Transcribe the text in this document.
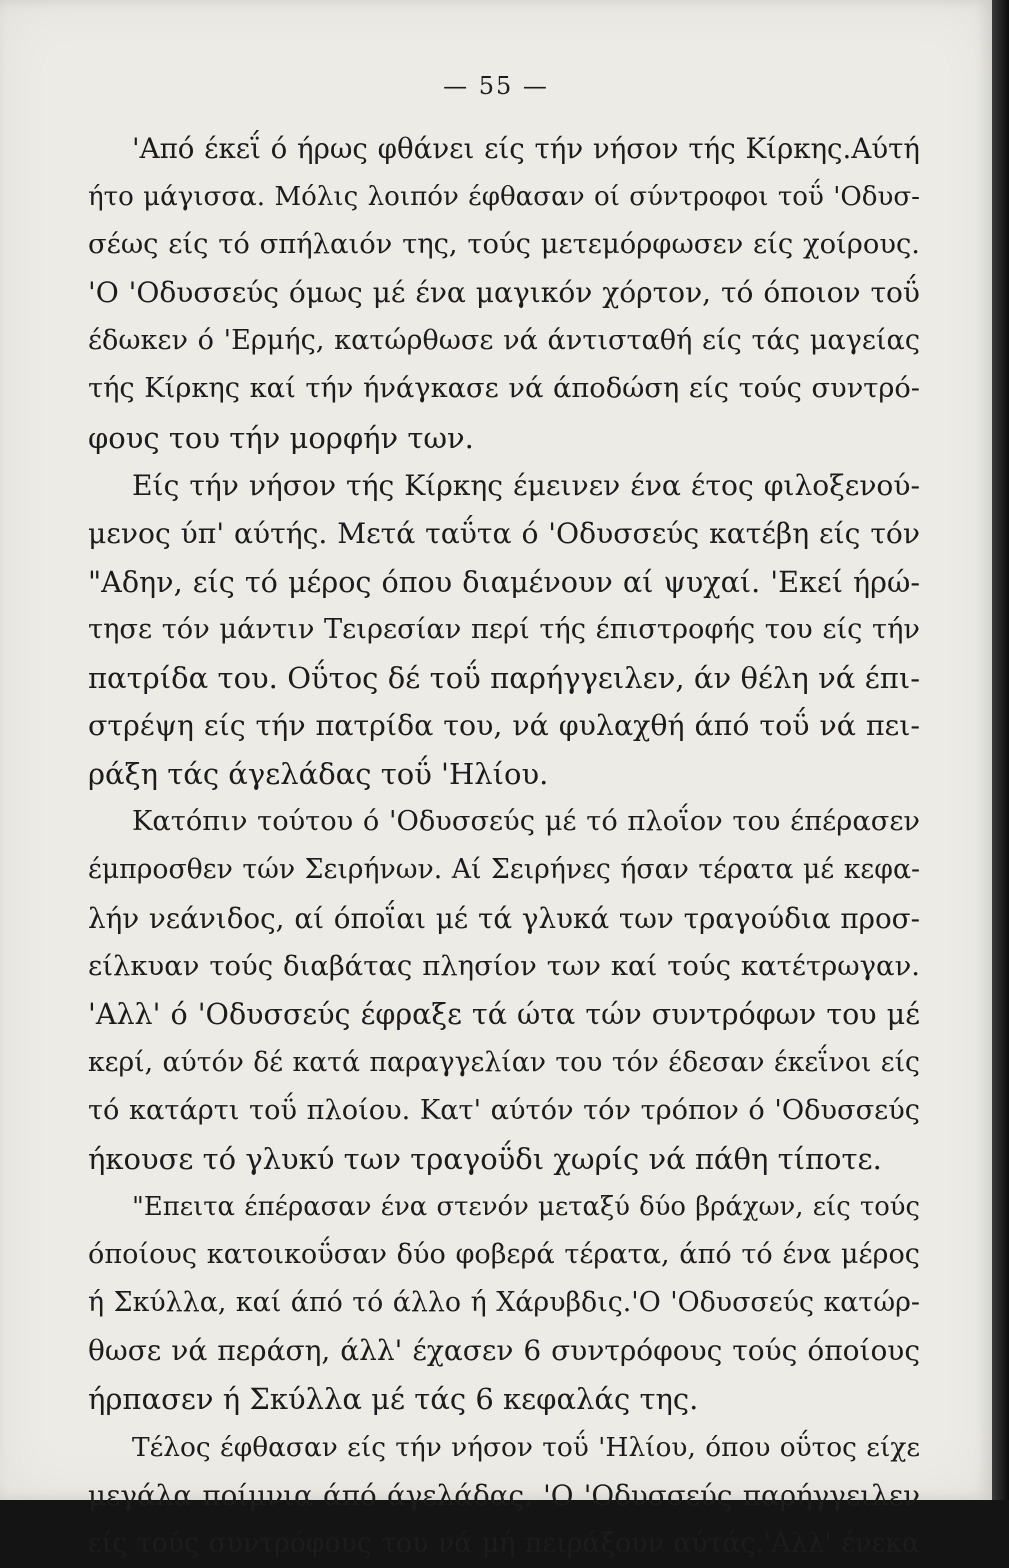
— 55 —
'Από έκεΐ ό ήρως φθάνει είς τήν νήσον τής Κίρκης.Αύτή
ήτο μάγισσα. Μόλις λοιπόν έφθασαν οί σύντροφοι τοΰ 'Οδυσ-
σέως είς τό σπήλαιόν της, τούς μετεμόρφωσεν είς χοίρους.
'Ο 'Οδυσσεύς όμως μέ ένα μαγικόν χόρτον, τό όποιον τοΰ
έδωκεν ό 'Ερμής, κατώρθωσε νά άντισταθή είς τάς μαγείας
τής Κίρκης καί τήν ήνάγκασε νά άποδώση είς τούς συντρό-
φους του τήν μορφήν των.
Είς τήν νήσον τής Κίρκης έμεινεν ένα έτος φιλοξενού-
μενος ύπ' αύτής. Μετά ταΰτα ό 'Οδυσσεύς κατέβη είς τόν
"Αδην, είς τό μέρος όπου διαμένουν αί ψυχαί. 'Εκεί ήρώ-
τησε τόν μάντιν Τειρεσίαν περί τής έπιστροφής του είς τήν
πατρίδα του. Οΰτος δέ τοΰ παρήγγειλεν, άν θέλη νά έπι-
στρέψη είς τήν πατρίδα του, νά φυλαχθή άπό τοΰ νά πει-
ράξη τάς άγελάδας τοΰ 'Ηλίου.
Κατόπιν τούτου ό 'Οδυσσεύς μέ τό πλοΐον του έπέρασεν
έμπροσθεν τών Σειρήνων. Αί Σειρήνες ήσαν τέρατα μέ κεφα-
λήν νεάνιδος, αί όποΐαι μέ τά γλυκά των τραγούδια προσ-
είλκυαν τούς διαβάτας πλησίον των καί τούς κατέτρωγαν.
'Αλλ' ό 'Οδυσσεύς έφραξε τά ώτα τών συντρόφων του μέ
κερί, αύτόν δέ κατά παραγγελίαν του τόν έδεσαν έκεΐνοι είς
τό κατάρτι τοΰ πλοίου. Κατ' αύτόν τόν τρόπον ό 'Οδυσσεύς
ήκουσε τό γλυκύ των τραγοΰδι χωρίς νά πάθη τίποτε.
"Επειτα έπέρασαν ένα στενόν μεταξύ δύο βράχων, είς τούς
όποίους κατοικοΰσαν δύο φοβερά τέρατα, άπό τό ένα μέρος
ή Σκύλλα, καί άπό τό άλλο ή Χάρυβδις.'Ο 'Οδυσσεύς κατώρ-
θωσε νά περάση, άλλ' έχασεν 6 συντρόφους τούς όποίους
ήρπασεν ή Σκύλλα μέ τάς 6 κεφαλάς της.
Τέλος έφθασαν είς τήν νήσον τοΰ 'Ηλίου, όπου οΰτος είχε
μεγάλα ποίμνια άπό άγελάδας. 'Ο 'Οδυσσεύς παρήγγειλεν
είς τούς συντρόφους του νά μή πειράξουν αύτάς.'Αλλ' ένεκα
